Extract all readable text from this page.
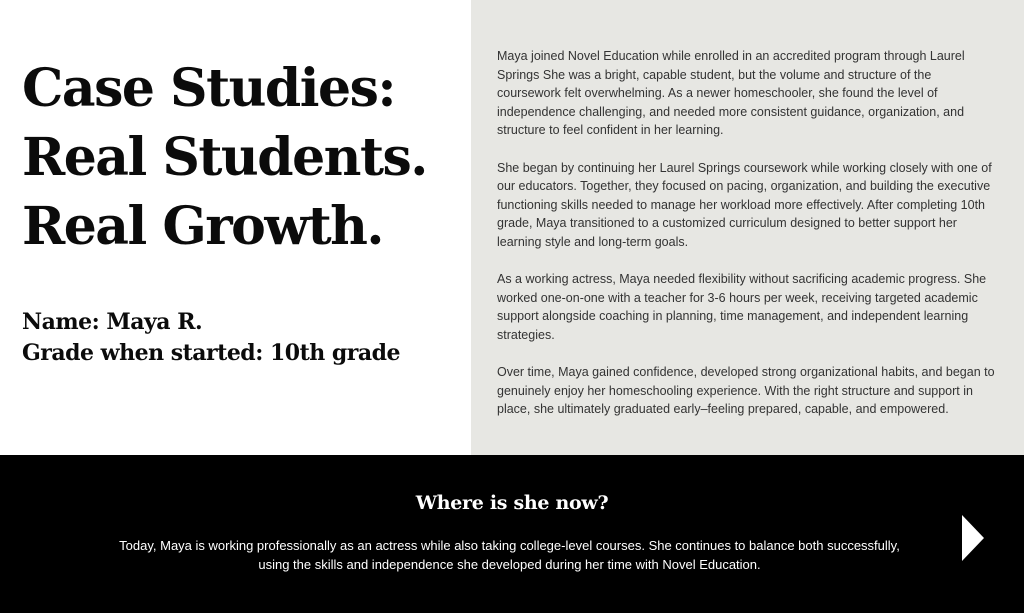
Case Studies:
Real Students.
Real Growth.
Name: Maya R.
Grade when started: 10th grade

Maya joined Novel Education while enrolled in an accredited program through Laurel Springs She was a bright, capable student, but the volume and structure of the coursework felt overwhelming. As a newer homeschooler, she found the level of independence challenging, and needed more consistent guidance, organization, and structure to feel confident in her learning.

She began by continuing her Laurel Springs coursework while working closely with one of our educators. Together, they focused on pacing, organization, and building the executive functioning skills needed to manage her workload more effectively. After completing 10th grade, Maya transitioned to a customized curriculum designed to better support her learning style and long-term goals.

As a working actress, Maya needed flexibility without sacrificing academic progress. She worked one-on-one with a teacher for 3-6 hours per week, receiving targeted academic support alongside coaching in planning, time management, and independent learning strategies.

Over time, Maya gained confidence, developed strong organizational habits, and began to genuinely enjoy her homeschooling experience. With the right structure and support in place, she ultimately graduated early–feeling prepared, capable, and empowered.

Where is she now?

Today, Maya is working professionally as an actress while also taking college-level courses. She continues to balance both successfully, using the skills and independence she developed during her time with Novel Education.
